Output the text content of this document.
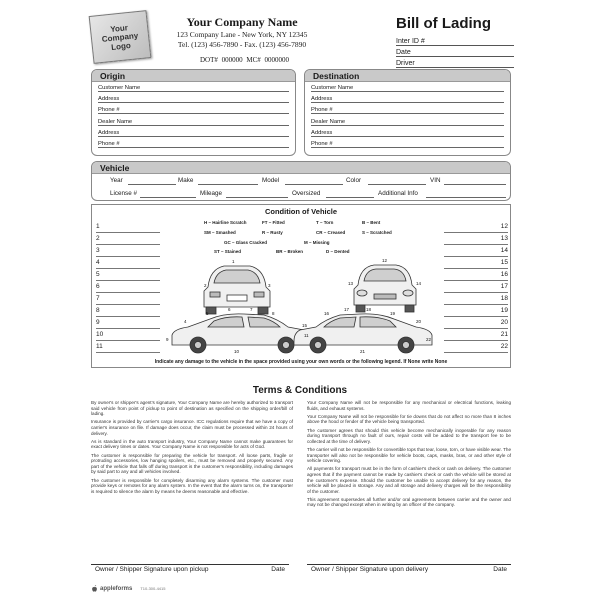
Your Company Logo
Your Company Name
123 Company Lane - New York, NY 12345
Tel. (123) 456-7890 - Fax. (123) 456-7890
DOT# 000000 MC# 0000000
Bill of Lading
Inter ID #
Date
Driver
Origin
Customer Name
Address
Phone #
Dealer Name
Address
Phone #
Destination
Customer Name
Address
Phone #
Dealer Name
Address
Phone #
Vehicle
Year	Make	Model	Color	VIN
License #	Mileage	Oversized	Additional Info
Condition of Vehicle
H – Hairline Scratch	FT – Fitted	T – Torn	B – Bent
SM – Smashed	R – Rusty	CR – Creased	S – Scratched
GC – Glass Cracked	M – Missing
ST – Stained	BR – Broken	D – Dented
1
2
3
4
5
6
7
8
9
10
11
12
13
14
15
16
17
18
19
20
21
22
1
2	3
4
5
6	7
8
9
10
11
12
13	14
15
16
17	18
19
20
21
22
Indicate any damage to the vehicle in the space provided using your own words or the following legend. If None write None
Terms & Conditions

By owner's or shipper's agent's signature, Your Company Name are hereby authorized to transport said vehicle from point of pickup to point of destination as specified on the shipping order/bill of lading.

Insurance is provided by carrier's cargo insurance. ICC regulations require that we have a copy of carrier's insurance on file. If damage does occur, the claim must be processed within 24 hours of delivery.

As is standard in the auto transport industry, Your Company Name cannot make guarantees for exact delivery times or dates. Your Company Name is not responsible for acts of God.

The customer is responsible for preparing the vehicle for transport. All loose parts, fragile or protruding accessories, low hanging spoilers, etc., must be removed and properly secured. Any part of the vehicle that falls off during transport is the customer's responsibility, including damages by said part to any and all vehicles involved.

The customer is responsible for completely disarming any alarm systems. The customer must provide keys or remotes for any alarm system. In the event that the alarm turns on, the transporter is required to silence the alarm by means he deems reasonable and effective.

Your Company Name will not be responsible for any mechanical or electrical functions, leaking fluids, and exhaust systems.

Your Company Name will not be responsible for tie downs that do not affect no more than 8 inches above the hood or fender of the vehicle being transported.

The customer agrees that should this vehicle become mechanically inoperable for any reason during transport through no fault of ours, repair costs will be added to the transport fee to be collected at the time of delivery.

The carrier will not be responsible for convertible tops that tear, loose, torn, or have visible wear. The transporter will also not be responsible for vehicle boots, caps, masks, bras, or and other style of vehicle covering.

All payments for transport must be in the form of cashier's check or cash on delivery. The customer agrees that if the payment cannot be made by cashier's check or cash the vehicle will be stored at the customer's expense. Should the customer be unable to accept delivery for any reason, the vehicle will be placed in storage. Any and all storage and delivery charges will be the responsibility of the customer.

This agreement supersedes all further and/or oral agreements between carrier and the owner and may not be changed except when in writing by an officer of the company.

Owner / Shipper Signature upon pickup	Date	Owner / Shipper Signature upon delivery	Date
appleforms T10-300-4415
